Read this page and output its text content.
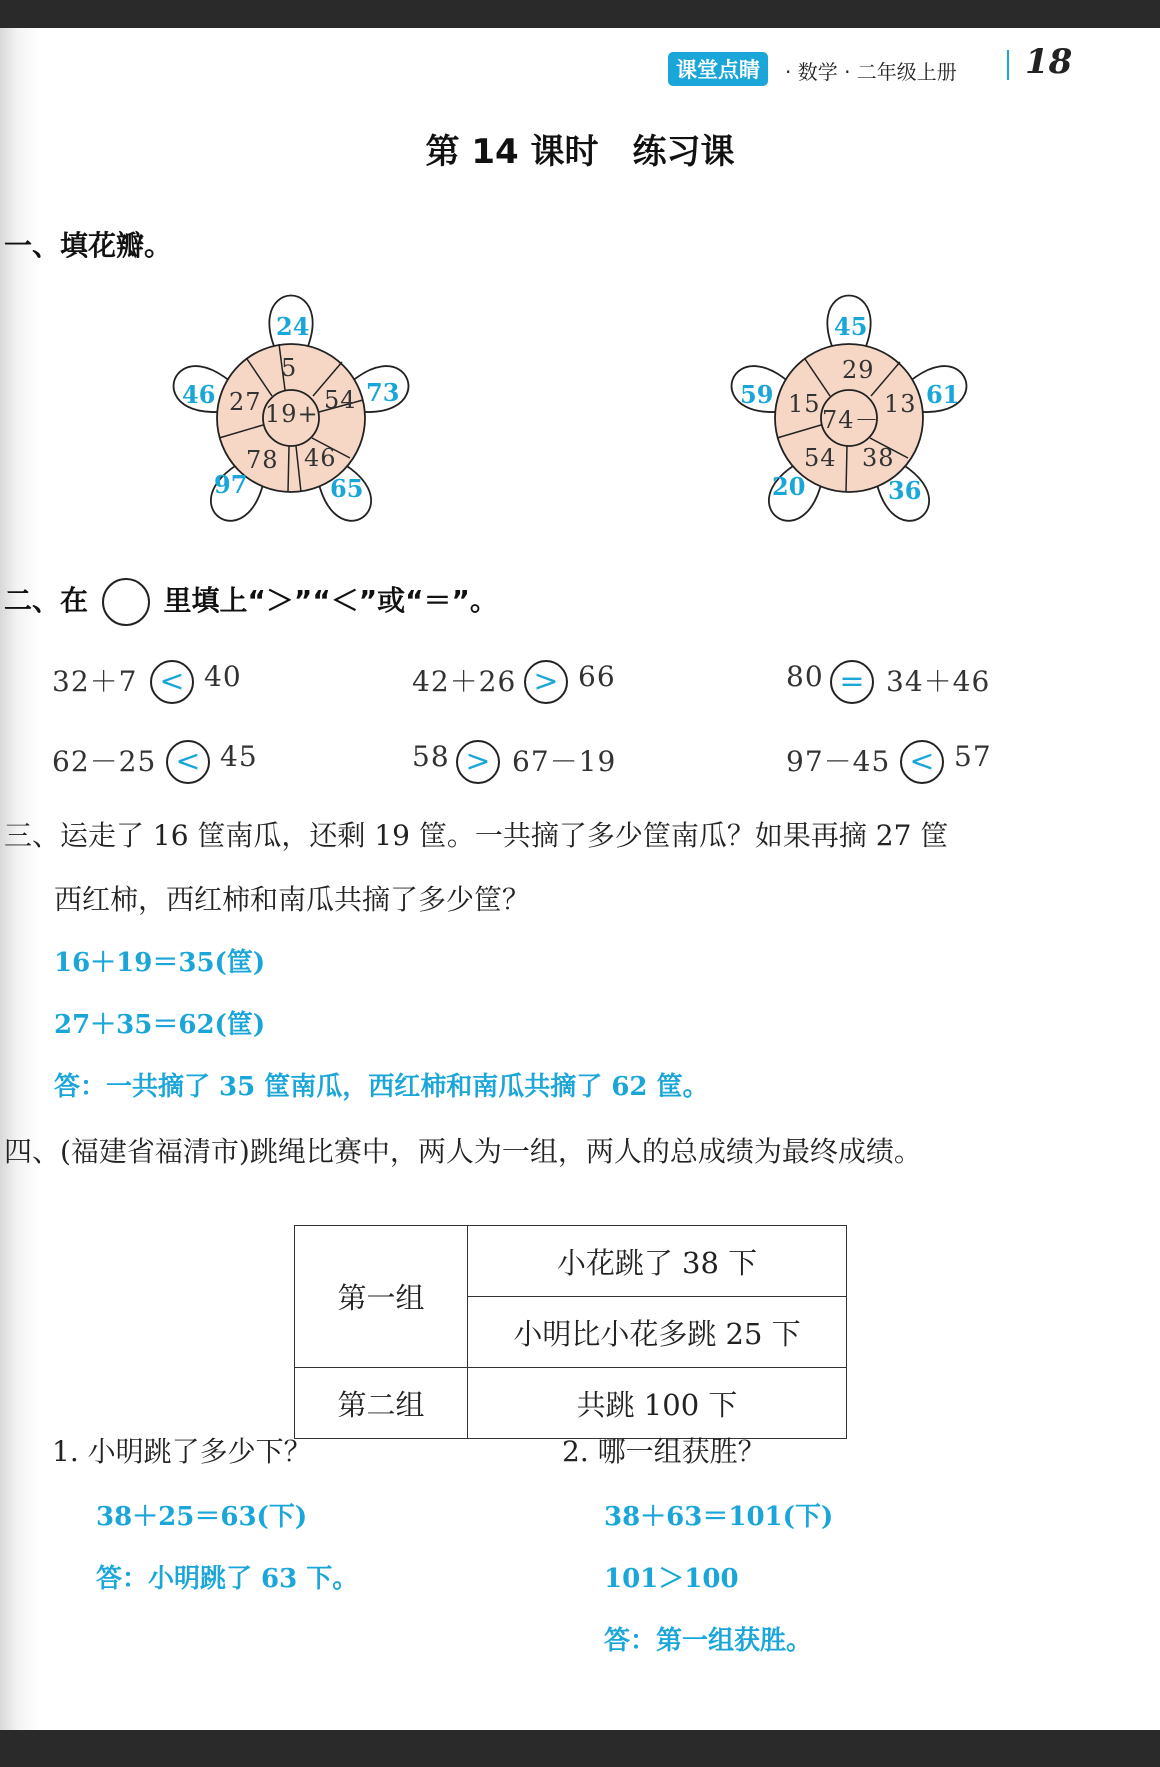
课堂点睛	· 数学 · 二年级上册 18
第 14 课时　练习课
一、填花瓣。
19+
5
54
46
78
27
24
73
65
97
46
74－
29
13
38
54
15
45
61
36
20
59
二、在	里填上“＞”“＜”或“＝”。
32＋7 < 40	42＋26 > 66	80 = 34＋46
62－25 < 45	58 > 67－19	97－45 < 57
三、运走了 16 筐南瓜，还剩 19 筐。一共摘了多少筐南瓜？如果再摘 27 筐
西红柿，西红柿和南瓜共摘了多少筐？
16＋19＝35(筐)
27＋35＝62(筐)
答：一共摘了 35 筐南瓜，西红柿和南瓜共摘了 62 筐。
四、(福建省福清市)跳绳比赛中，两人为一组，两人的总成绩为最终成绩。
第一组	小花跳了 38 下
	小明比小花多跳 25 下
第二组	共跳 100 下
1. 小明跳了多少下？
38＋25＝63(下)
答：小明跳了 63 下。
2. 哪一组获胜？
38＋63＝101(下)
101＞100
答：第一组获胜。
